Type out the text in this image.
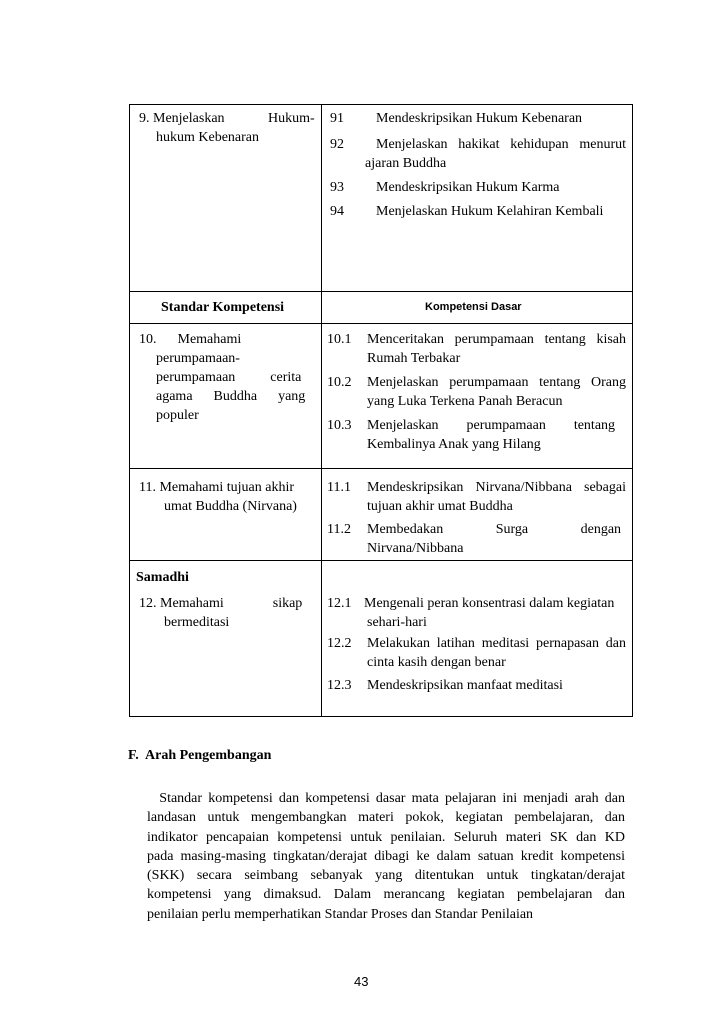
9. Menjelaskan	Hukum-
hukum Kebenaran
91 Mendeskripsikan Hukum Kebenaran
92 Menjelaskan hakikat kehidupan menurut
ajaran Buddha
93 Mendeskripsikan Hukum Karma
94 Menjelaskan Hukum Kelahiran Kembali
Standar Kompetensi	Kompetensi Dasar
10.      Memahami
perumpamaan-
perumpamaan          cerita
agama      Buddha      yang
populer
10.1 Menceritakan perumpamaan tentang kisah
Rumah Terbakar
10.2 Menjelaskan perumpamaan tentang Orang
yang Luka Terkena Panah Beracun
10.3 Menjelaskan        perumpamaan        tentang
Kembalinya Anak yang Hilang
11. Memahami tujuan akhir
umat Buddha (Nirvana)
11.1 Mendeskripsikan Nirvana/Nibbana sebagai
tujuan akhir umat Buddha
11.2 Membedakan               Surga               dengan
Nirvana/Nibbana
Samadhi
12. Memahami              sikap
bermeditasi
12.1 Mengenali peran konsentrasi dalam kegiatan
sehari-hari
12.2 Melakukan latihan meditasi pernapasan dan
cinta kasih dengan benar
12.3 Mendeskripsikan manfaat meditasi
F.  Arah Pengembangan
Standar kompetensi dan kompetensi dasar mata pelajaran ini menjadi arah dan
landasan untuk mengembangkan materi pokok, kegiatan pembelajaran, dan
indikator pencapaian kompetensi untuk penilaian. Seluruh materi SK dan KD
pada masing-masing tingkatan/derajat dibagi ke dalam satuan kredit kompetensi
(SKK) secara seimbang sebanyak yang ditentukan untuk tingkatan/derajat
kompetensi yang dimaksud. Dalam merancang kegiatan pembelajaran dan
penilaian perlu memperhatikan Standar Proses dan Standar Penilaian
43
